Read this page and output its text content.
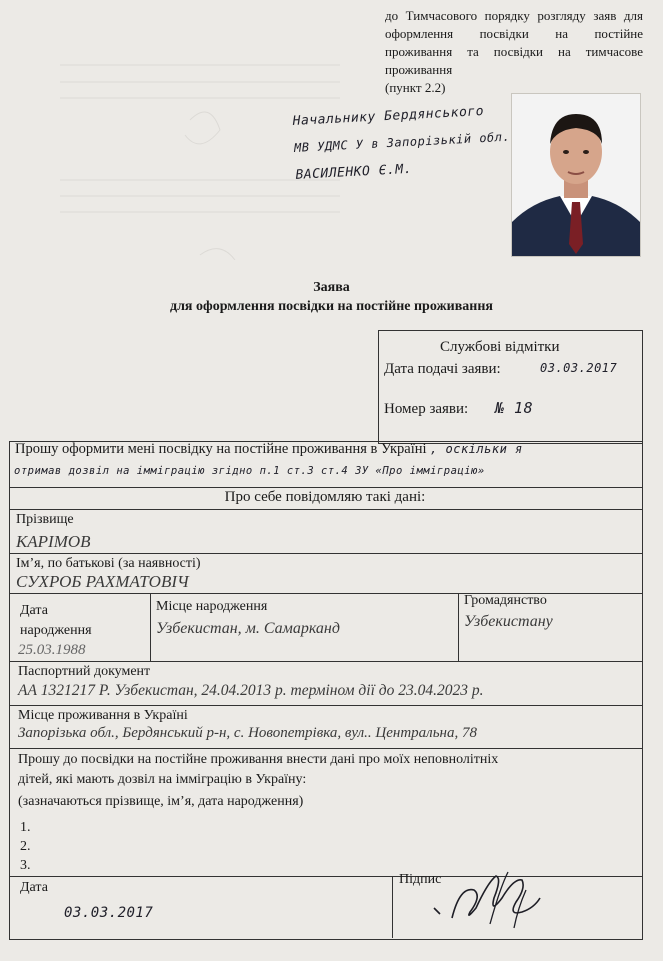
до Тимчасового порядку розгляду заяв для оформлення посвідки на постійне проживання та посвідки на тимчасове проживання
(пункт 2.2)
Начальнику Бердянського
МВ УДМС У в Запорізькій обл.
ВАСИЛЕНКО Є.М.
Заява
для оформлення посвідки на постійне проживання
Службові відмітки
Дата подачі заяви:	03.03.2017
Номер заяви: № 18
Прошу оформити мені посвідку на постійне проживання в Україні , оскільки я
отримав дозвіл на імміграцію згідно п.1 ст.3 ст.4 ЗУ «Про імміграцію»
Про себе повідомляю такі дані:
Прізвище
КАРІМОВ
Ім’я, по батькові (за наявності)
СУХРОБ РАХМАТОВІЧ
Дата
народження
25.03.1988
Місце народження
Узбекистан, м. Самарканд
Громадянство
Узбекистану
Паспортний документ
АА 1321217 Р. Узбекистан, 24.04.2013 р. терміном дії до 23.04.2023 р.
Місце проживання в Україні
Запорізька обл., Бердянський р-н, с. Новопетрівка, вул.. Центральна, 78
Прошу до посвідки на постійне проживання внести дані про моїх неповнолітніх
дітей, які мають дозвіл на імміграцію в Україну:
(зазначаються прізвище, ім’я, дата народження)
1.
2.
3.
Дата
03.03.2017
Підпис
